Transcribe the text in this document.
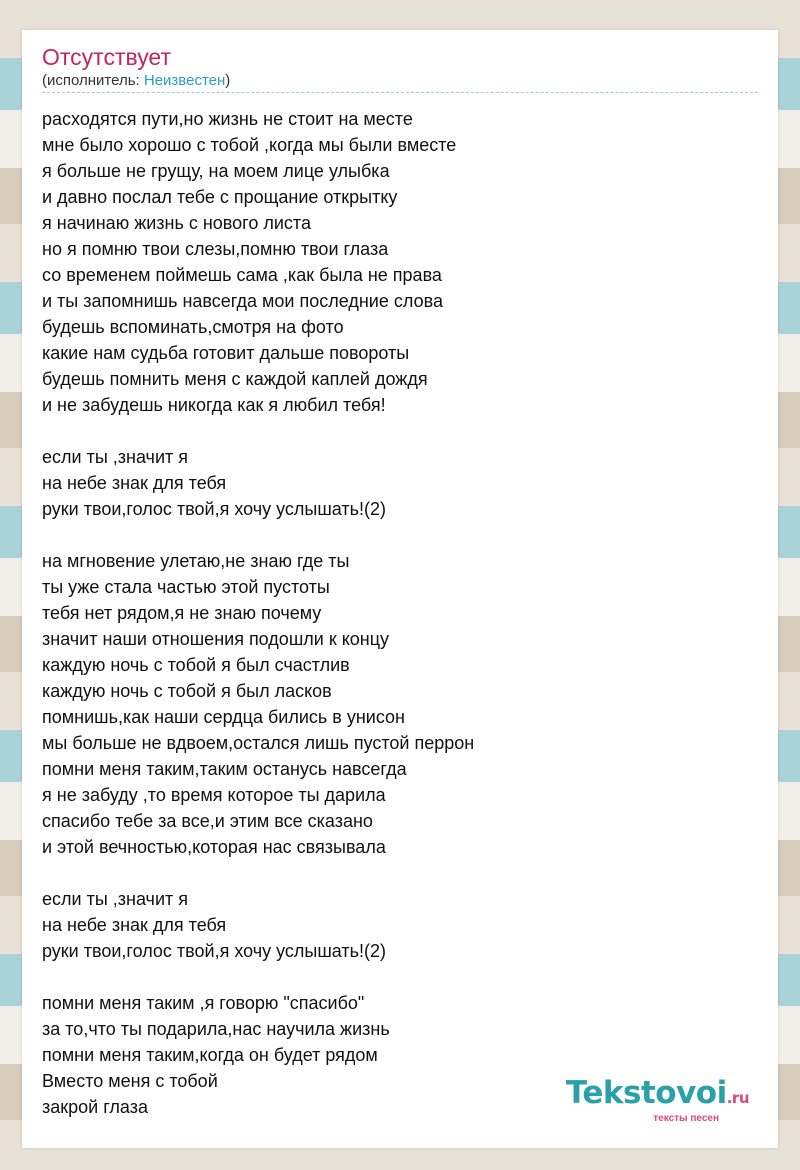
Отсутствует
(исполнитель: Неизвестен)
расходятся пути,но жизнь не стоит на месте
мне было хорошо с тобой ,когда мы были вместе
я больше не грущу, на моем лице улыбка
и давно послал тебе с прощание открытку
я начинаю жизнь с нового листа
но я помню твои слезы,помню твои глаза
со временем поймешь сама ,как была не права
и ты запомнишь навсегда мои последние слова
будешь вспоминать,смотря на фото
какие нам судьба готовит дальше повороты
будешь помнить меня с каждой каплей дождя
и не забудешь никогда как я любил тебя!
если ты ,значит я
на небе знак для тебя
руки твои,голос твой,я хочу услышать!(2)
на мгновение улетаю,не знаю где ты
ты уже стала частью этой пустоты
тебя нет рядом,я не знаю почему
значит наши отношения подошли к концу
каждую ночь с тобой я был счастлив
каждую ночь с тобой я был ласков
помнишь,как наши сердца бились в унисон
мы больше не вдвоем,остался лишь пустой перрон
помни меня таким,таким останусь навсегда
я не забуду ,то время которое ты дарила
спасибо тебе за все,и этим все сказано
и этой вечностью,которая нас связывала
если ты ,значит я
на небе знак для тебя
руки твои,голос твой,я хочу услышать!(2)
помни меня таким ,я говорю "спасибо"
за то,что ты подарила,нас научила жизнь
помни меня таким,когда он будет рядом
Вместо меня с тобой
закрой глаза	Tekstovoi.ru
тексты песен
